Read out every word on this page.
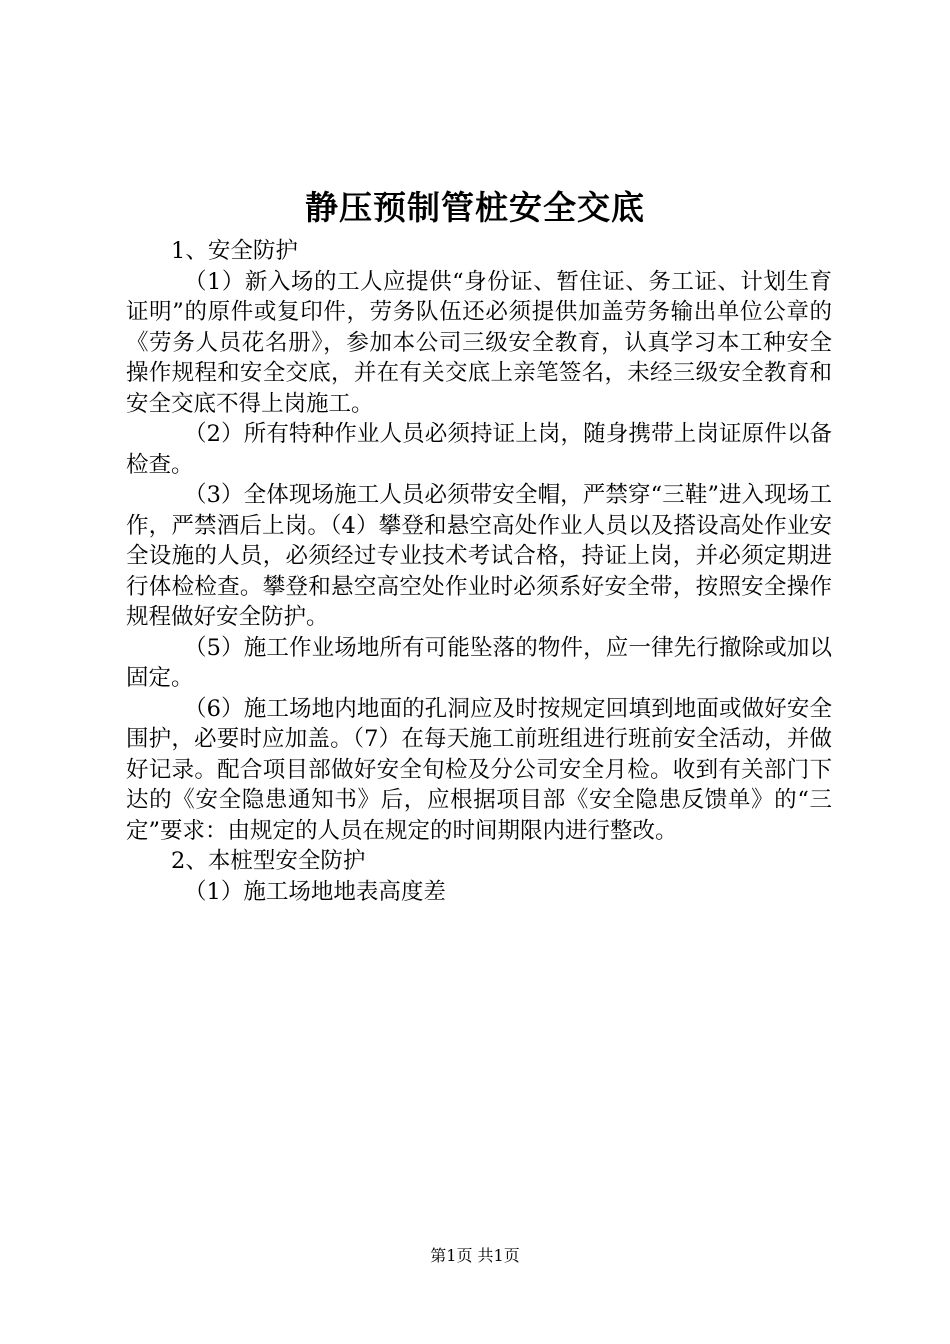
静压预制管桩安全交底

1、安全防护

（1）新入场的工人应提供“身份证、暂住证、务工证、计划生育证明”的原件或复印件，劳务队伍还必须提供加盖劳务输出单位公章的《劳务人员花名册》，参加本公司三级安全教育，认真学习本工种安全操作规程和安全交底，并在有关交底上亲笔签名，未经三级安全教育和安全交底不得上岗施工。

（2）所有特种作业人员必须持证上岗，随身携带上岗证原件以备检查。

（3）全体现场施工人员必须带安全帽，严禁穿“三鞋”进入现场工作，严禁酒后上岗。（4）攀登和悬空高处作业人员以及搭设高处作业安全设施的人员，必须经过专业技术考试合格，持证上岗，并必须定期进行体检检查。攀登和悬空高空处作业时必须系好安全带，按照安全操作规程做好安全防护。

（5）施工作业场地所有可能坠落的物件，应一律先行撤除或加以固定。

（6）施工场地内地面的孔洞应及时按规定回填到地面或做好安全围护，必要时应加盖。（7）在每天施工前班组进行班前安全活动，并做好记录。配合项目部做好安全旬检及分公司安全月检。收到有关部门下达的《安全隐患通知书》后，应根据项目部《安全隐患反馈单》的“三定”要求：由规定的人员在规定的时间期限内进行整改。

2、本桩型安全防护

（1）施工场地地表高度差

第1页 共1页
